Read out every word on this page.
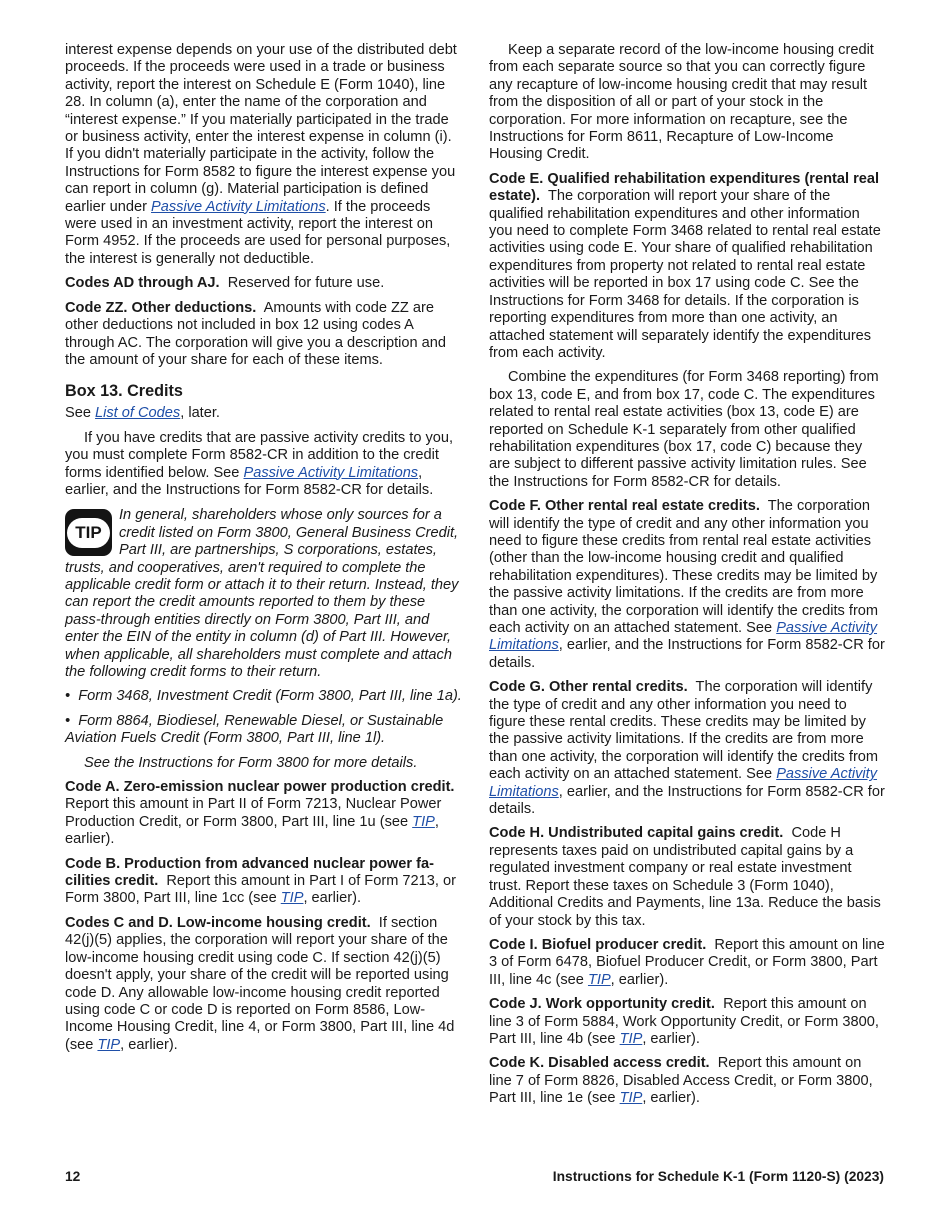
interest expense depends on your use of the distributed debt proceeds. If the proceeds were used in a trade or business activity, report the interest on Schedule E (Form 1040), line 28. In column (a), enter the name of the corporation and “interest expense.” If you materially participated in the trade or business activity, enter the interest expense in column (i). If you didn't materially participate in the activity, follow the Instructions for Form 8582 to figure the interest expense you can report in column (g). Material participation is defined earlier under Passive Activity Limitations. If the proceeds were used in an investment activity, report the interest on Form 4952. If the proceeds are used for personal purposes, the interest is generally not deductible.

Codes AD through AJ. Reserved for future use.

Code ZZ. Other deductions. Amounts with code ZZ are other deductions not included in box 12 using codes A through AC. The corporation will give you a description and the amount of your share for each of these items.

Box 13. Credits

See List of Codes, later.

If you have credits that are passive activity credits to you, you must complete Form 8582-CR in addition to the credit forms identified below. See Passive Activity Limitations, earlier, and the Instructions for Form 8582-CR for details.

TIP

In general, shareholders whose only sources for a credit listed on Form 3800, General Business Credit, Part III, are partnerships, S corporations, estates, trusts, and cooperatives, aren't required to complete the applicable credit form or attach it to their return. Instead, they can report the credit amounts reported to them by these pass-through entities directly on Form 3800, Part III, and enter the EIN of the entity in column (d) of Part III. However, when applicable, all shareholders must complete and attach the following credit forms to their return.

•  Form 3468, Investment Credit (Form 3800, Part III, line 1a).

•  Form 8864, Biodiesel, Renewable Diesel, or Sustainable Aviation Fuels Credit (Form 3800, Part III, line 1l).

See the Instructions for Form 3800 for more details.

Code A. Zero-emission nuclear power production credit.  Report this amount in Part II of Form 7213, Nuclear Power Production Credit, or Form 3800, Part III, line 1u (see TIP, earlier).

Code B. Production from advanced nuclear power facilities credit. Report this amount in Part I of Form 7213, or Form 3800, Part III, line 1cc (see TIP, earlier).

Codes C and D. Low-income housing credit. If section 42(j)(5) applies, the corporation will report your share of the low-income housing credit using code C. If section 42(j)(5) doesn't apply, your share of the credit will be reported using code D. Any allowable low-income housing credit reported using code C or code D is reported on Form 8586, Low-Income Housing Credit, line 4, or Form 3800, Part III, line 4d (see TIP, earlier).

Keep a separate record of the low-income housing credit from each separate source so that you can correctly figure any recapture of low-income housing credit that may result from the disposition of all or part of your stock in the corporation. For more information on recapture, see the Instructions for Form 8611, Recapture of Low-Income Housing Credit.

Code E. Qualified rehabilitation expenditures (rental real estate). The corporation will report your share of the qualified rehabilitation expenditures and other information you need to complete Form 3468 related to rental real estate activities using code E. Your share of qualified rehabilitation expenditures from property not related to rental real estate activities will be reported in box 17 using code C. See the Instructions for Form 3468 for details. If the corporation is reporting expenditures from more than one activity, an attached statement will separately identify the expenditures from each activity.

Combine the expenditures (for Form 3468 reporting) from box 13, code E, and from box 17, code C. The expenditures related to rental real estate activities (box 13, code E) are reported on Schedule K-1 separately from other qualified rehabilitation expenditures (box 17, code C) because they are subject to different passive activity limitation rules. See the Instructions for Form 8582-CR for details.

Code F. Other rental real estate credits. The corporation will identify the type of credit and any other information you need to figure these credits from rental real estate activities (other than the low-income housing credit and qualified rehabilitation expenditures). These credits may be limited by the passive activity limitations. If the credits are from more than one activity, the corporation will identify the credits from each activity on an attached statement. See Passive Activity Limitations, earlier, and the Instructions for Form 8582-CR for details.

Code G. Other rental credits. The corporation will identify the type of credit and any other information you need to figure these rental credits. These credits may be limited by the passive activity limitations. If the credits are from more than one activity, the corporation will identify the credits from each activity on an attached statement. See Passive Activity Limitations, earlier, and the Instructions for Form 8582-CR for details.

Code H. Undistributed capital gains credit. Code H represents taxes paid on undistributed capital gains by a regulated investment company or real estate investment trust. Report these taxes on Schedule 3 (Form 1040), Additional Credits and Payments, line 13a. Reduce the basis of your stock by this tax.

Code I. Biofuel producer credit. Report this amount on line 3 of Form 6478, Biofuel Producer Credit, or Form 3800, Part III, line 4c (see TIP, earlier).

Code J. Work opportunity credit. Report this amount on line 3 of Form 5884, Work Opportunity Credit, or Form 3800, Part III, line 4b (see TIP, earlier).

Code K. Disabled access credit. Report this amount on line 7 of Form 8826, Disabled Access Credit, or Form 3800, Part III, line 1e (see TIP, earlier).

12	Instructions for Schedule K-1 (Form 1120-S) (2023)
